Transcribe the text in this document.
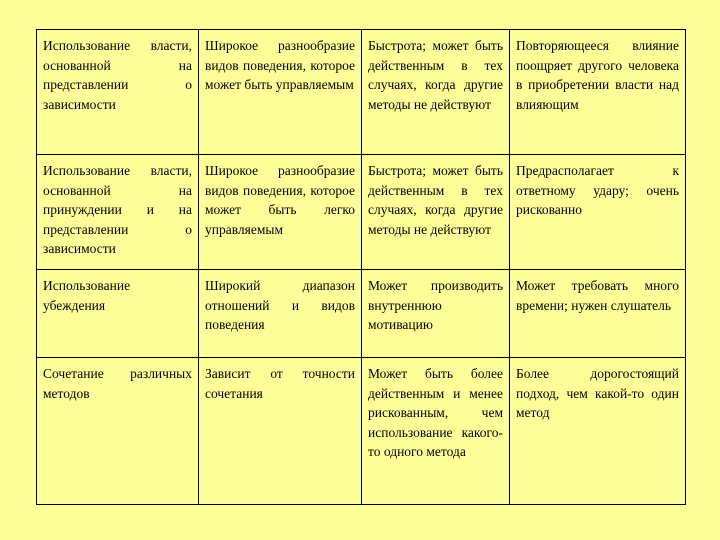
Использование власти, основанной на представлении о зависимости	Широкое разнообразие видов поведения, которое может быть управляемым	Быстрота; может быть действенным в тех случаях, когда другие методы не действуют	Повторяющееся влияние поощряет другого человека в приобретении власти над влияющим
Использование власти, основанной на принуждении и на представлении о зависимости	Широкое разнообразие видов поведения, которое может быть легко управляемым	Быстрота; может быть действенным в тех случаях, когда другие методы не действуют	Предрасполагает к ответному удару; очень рискованно
Использование убеждения	Широкий диапазон отношений и видов поведения	Может производить внутреннюю мотивацию	Может требовать много времени; нужен слушатель
Сочетание различных методов	Зависит от точности сочетания	Может быть более действенным и менее рискованным, чем использование какого-то одного метода	Более дорогостоящий подход, чем какой-то один метод
